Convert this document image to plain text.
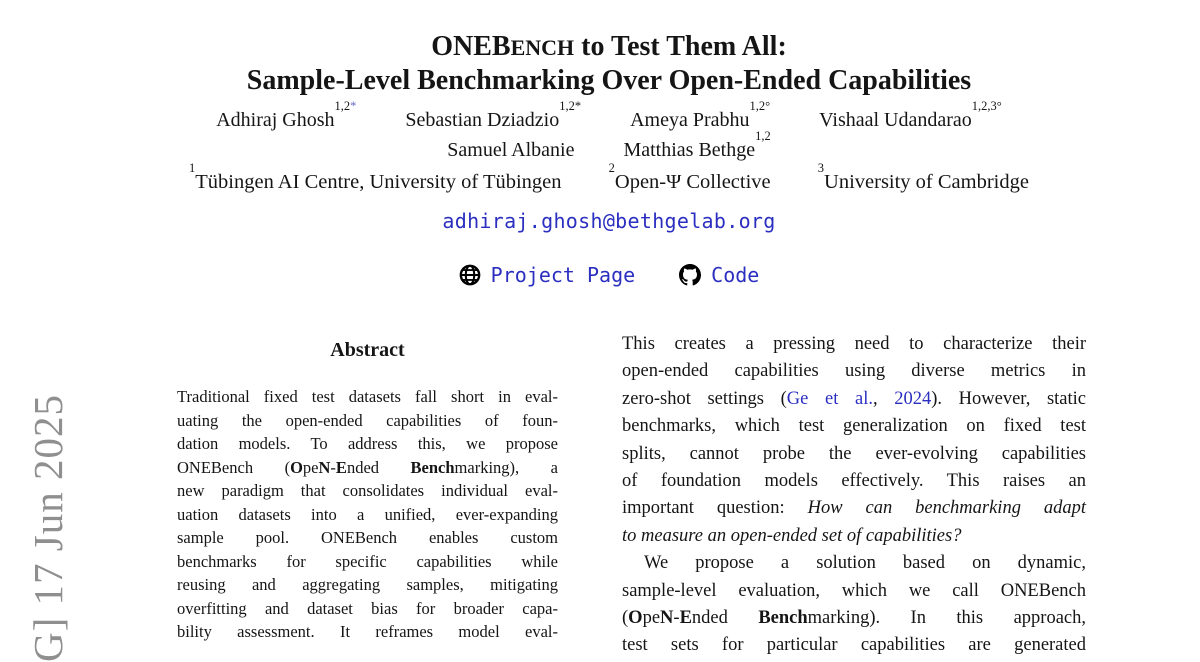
G] 17 Jun 2025
ONEBENCH to Test Them All:
Sample-Level Benchmarking Over Open-Ended Capabilities
Adhiraj Ghosh$^{1,2*}$ Sebastian Dziadzio$^{1,2*}$ Ameya Prabhu$^{1,2^\circ}$ Vishaal Udandarao$^{1,2,3^\circ}$
Samuel Albanie Matthias Bethge$^{1,2}$
$^1$Tübingen AI Centre, University of Tübingen $^2$Open-Ψ Collective $^3$University of Cambridge
adhiraj.ghosh@bethgelab.org
Project Page	Code
Abstract
Traditional fixed test datasets fall short in eval-
uating the open-ended capabilities of foun-
dation models. To address this, we propose
ONEBench (OpeN-Ended Benchmarking), a
new paradigm that consolidates individual eval-
uation datasets into a unified, ever-expanding
sample pool. ONEBench enables custom
benchmarks for specific capabilities while
reusing and aggregating samples, mitigating
overfitting and dataset bias for broader capa-
bility assessment. It reframes model eval-
This creates a pressing need to characterize their
open-ended capabilities using diverse metrics in
zero-shot settings (Ge et al., 2024). However, static
benchmarks, which test generalization on fixed test
splits, cannot probe the ever-evolving capabilities
of foundation models effectively. This raises an
important question: How can benchmarking adapt
to measure an open-ended set of capabilities?
We propose a solution based on dynamic,
sample-level evaluation, which we call ONEBench
(OpeN-Ended Benchmarking). In this approach,
test sets for particular capabilities are generated
